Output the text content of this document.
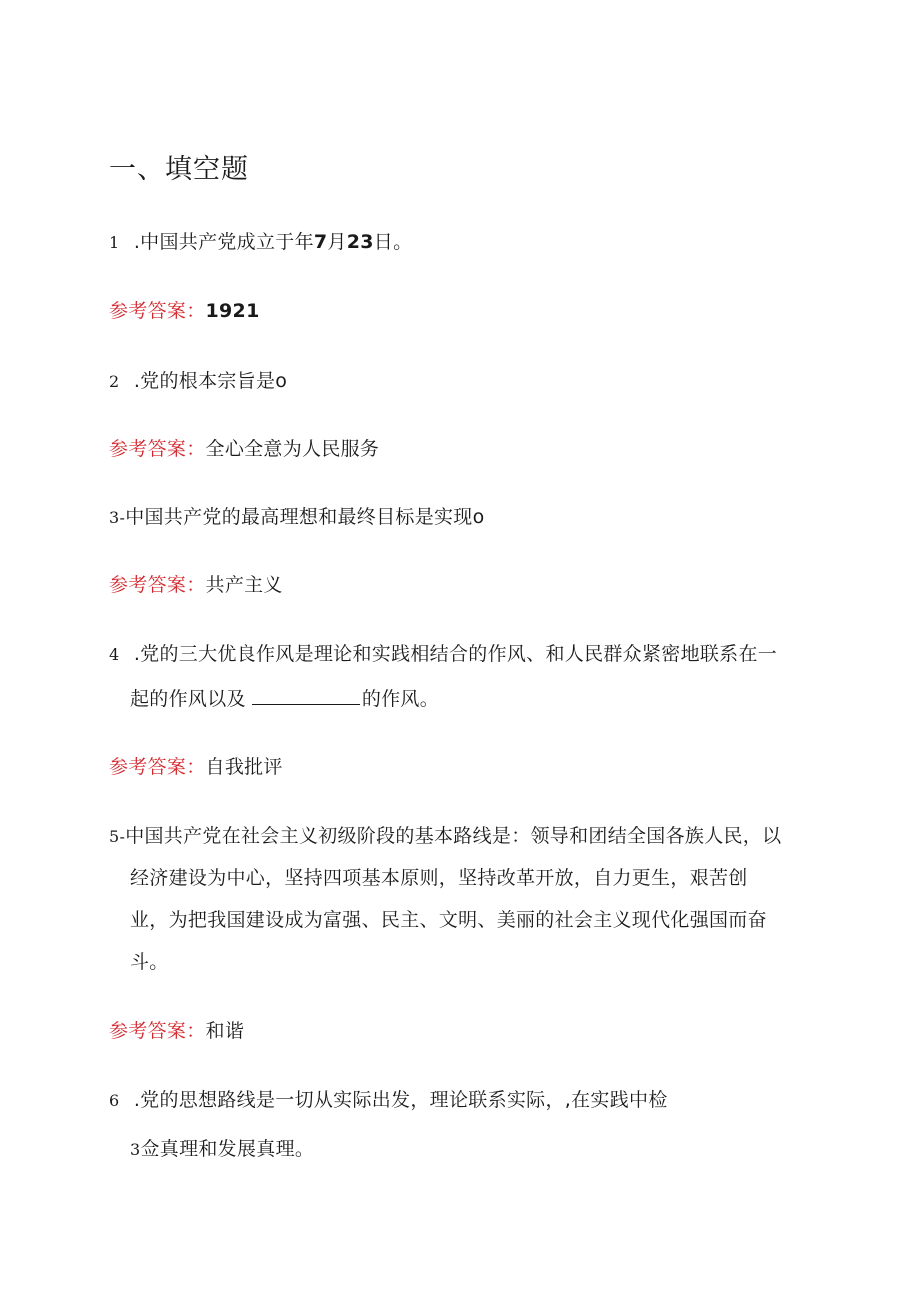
一、填空题
1 .中国共产党成立于年7月23日。
参考答案：1921
2 .党的根本宗旨是o
参考答案：全心全意为人民服务
3-中国共产党的最高理想和最终目标是实现o
参考答案：共产主义
4 .党的三大优良作风是理论和实践相结合的作风、和人民群众紧密地联系在一
起的作风以及	的作风。
参考答案：自我批评
5-中国共产党在社会主义初级阶段的基本路线是：领导和团结全国各族人民，以
经济建设为中心，坚持四项基本原则，坚持改革开放，自力更生，艰苦创
业，为把我国建设成为富强、民主、文明、美丽的社会主义现代化强国而奋
斗。
参考答案：和谐
6 .党的思想路线是一切从实际出发，理论联系实际，,在实践中检
3佥真理和发展真理。
